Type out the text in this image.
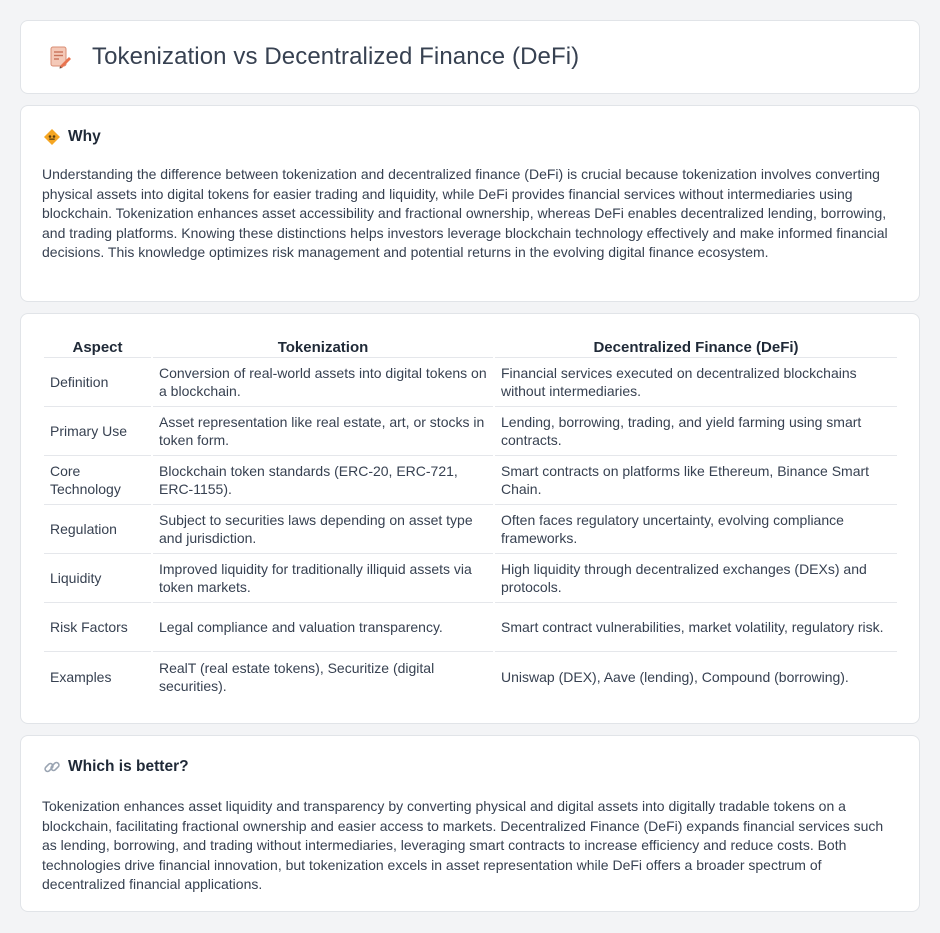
Tokenization vs Decentralized Finance (DeFi)
Why

Understanding the difference between tokenization and decentralized finance (DeFi) is crucial because tokenization involves converting physical assets into digital tokens for easier trading and liquidity, while DeFi provides financial services without intermediaries using blockchain. Tokenization enhances asset accessibility and fractional ownership, whereas DeFi enables decentralized lending, borrowing, and trading platforms. Knowing these distinctions helps investors leverage blockchain technology effectively and make informed financial decisions. This knowledge optimizes risk management and potential returns in the evolving digital finance ecosystem.

Aspect	Tokenization	Decentralized Finance (DeFi)
Definition	Conversion of real-world assets into digital tokens on a blockchain.	Financial services executed on decentralized blockchains without intermediaries.
Primary Use	Asset representation like real estate, art, or stocks in token form.	Lending, borrowing, trading, and yield farming using smart contracts.
Core Technology	Blockchain token standards (ERC-20, ERC-721, ERC-1155).	Smart contracts on platforms like Ethereum, Binance Smart Chain.
Regulation	Subject to securities laws depending on asset type and jurisdiction.	Often faces regulatory uncertainty, evolving compliance frameworks.
Liquidity	Improved liquidity for traditionally illiquid assets via token markets.	High liquidity through decentralized exchanges (DEXs) and protocols.
Risk Factors	Legal compliance and valuation transparency.	Smart contract vulnerabilities, market volatility, regulatory risk.
Examples	RealT (real estate tokens), Securitize (digital securities).	Uniswap (DEX), Aave (lending), Compound (borrowing).
Which is better?

Tokenization enhances asset liquidity and transparency by converting physical and digital assets into digitally tradable tokens on a blockchain, facilitating fractional ownership and easier access to markets. Decentralized Finance (DeFi) expands financial services such as lending, borrowing, and trading without intermediaries, leveraging smart contracts to increase efficiency and reduce costs. Both technologies drive financial innovation, but tokenization excels in asset representation while DeFi offers a broader spectrum of decentralized financial applications.
